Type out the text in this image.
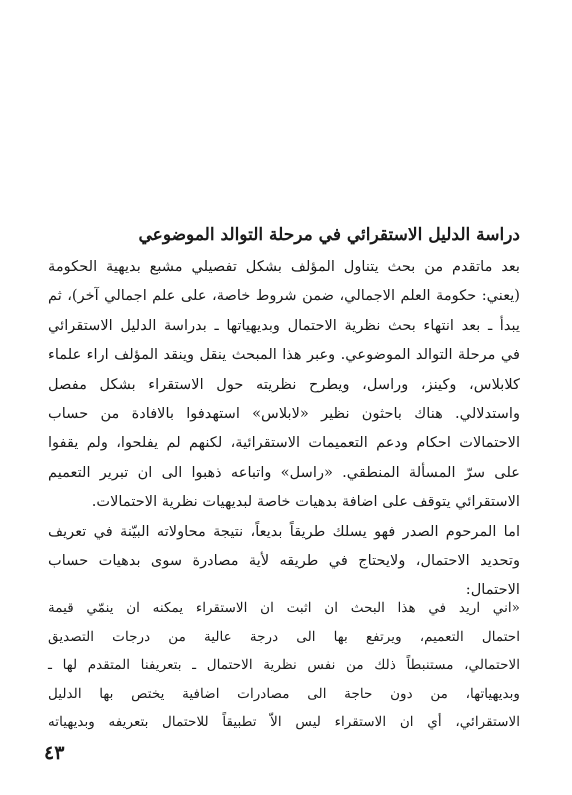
دراسة الدليل الاستقرائي في مرحلة التوالد الموضوعي
بعد ماتقدم من بحث يتناول المؤلف بشكل تفصيلي مشبع بديهية الحكومة
(يعني: حكومة العلم الاجمالي، ضمن شروط خاصة، على علم اجمالي آخر)، ثم
يبدأ ـ بعد انتهاء بحث نظرية الاحتمال وبديهياتها ـ بدراسة الدليل الاستقرائي
في مرحلة التوالد الموضوعي. وعبر هذا المبحث ينقل وينقد المؤلف اراء علماء
كلابلاس، وكينز، وراسل، ويطرح نظريته حول الاستقراء بشكل مفصل
واستدلالي. هناك باحثون نظير «لابلاس» استهدفوا بالافادة من حساب
الاحتمالات احكام ودعم التعميمات الاستقرائية، لكنهم لم يفلحوا، ولم يقفوا
على سرّ المسألة المنطقي. «راسل» واتباعه ذهبوا الى ان تبرير التعميم
الاستقرائي يتوقف على اضافة بدهيات خاصة لبديهيات نظرية الاحتمالات.
اما المرحوم الصدر فهو يسلك طريقاً بديعاً، نتيجة محاولاته البيّنة في تعريف
وتحديد الاحتمال، ولايحتاج في طريقه لأية مصادرة سوى بدهيات حساب
الاحتمال:
«اني اريد في هذا البحث ان اثبت ان الاستقراء يمكنه ان ينمّي قيمة
احتمال التعميم، ويرتفع بها الى درجة عالية من درجات التصديق
الاحتمالي، مستنبطاً ذلك من نفس نظرية الاحتمال ـ بتعريفنا المتقدم لها ـ
وبديهياتها، من دون حاجة الى مصادرات اضافية يختص بها الدليل
الاستقرائي، أي ان الاستقراء ليس الاّ تطبيقاً للاحتمال بتعريفه وبديهياته

٤٣
